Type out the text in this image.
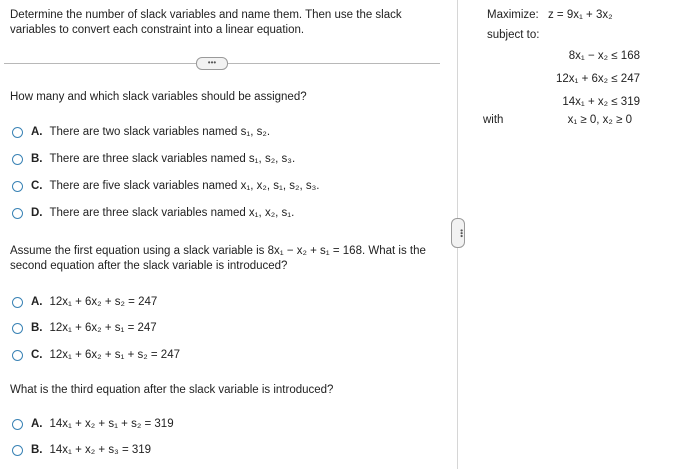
Determine the number of slack variables and name them. Then use the slack variables to convert each constraint into a linear equation.
•••
How many and which slack variables should be assigned?
A. There are two slack variables named s₁, s₂.
B. There are three slack variables named s₁, s₂, s₃.
C. There are five slack variables named x₁, x₂, s₁, s₂, s₃.
D. There are three slack variables named x₁, x₂, s₁.
Assume the first equation using a slack variable is 8x₁ − x₂ + s₁ = 168. What is the second equation after the slack variable is introduced?
A. 12x₁ + 6x₂ + s₂ = 247
B. 12x₁ + 6x₂ + s₁ = 247
C. 12x₁ + 6x₂ + s₁ + s₂ = 247
What is the third equation after the slack variable is introduced?
A. 14x₁ + x₂ + s₁ + s₂ = 319
B. 14x₁ + x₂ + s₃ = 319
•••
Maximize: z = 9x₁ + 3x₂
subject to:
8x₁ − x₂ ≤ 168
12x₁ + 6x₂ ≤ 247
14x₁ + x₂ ≤ 319
with	x₁ ≥ 0, x₂ ≥ 0
